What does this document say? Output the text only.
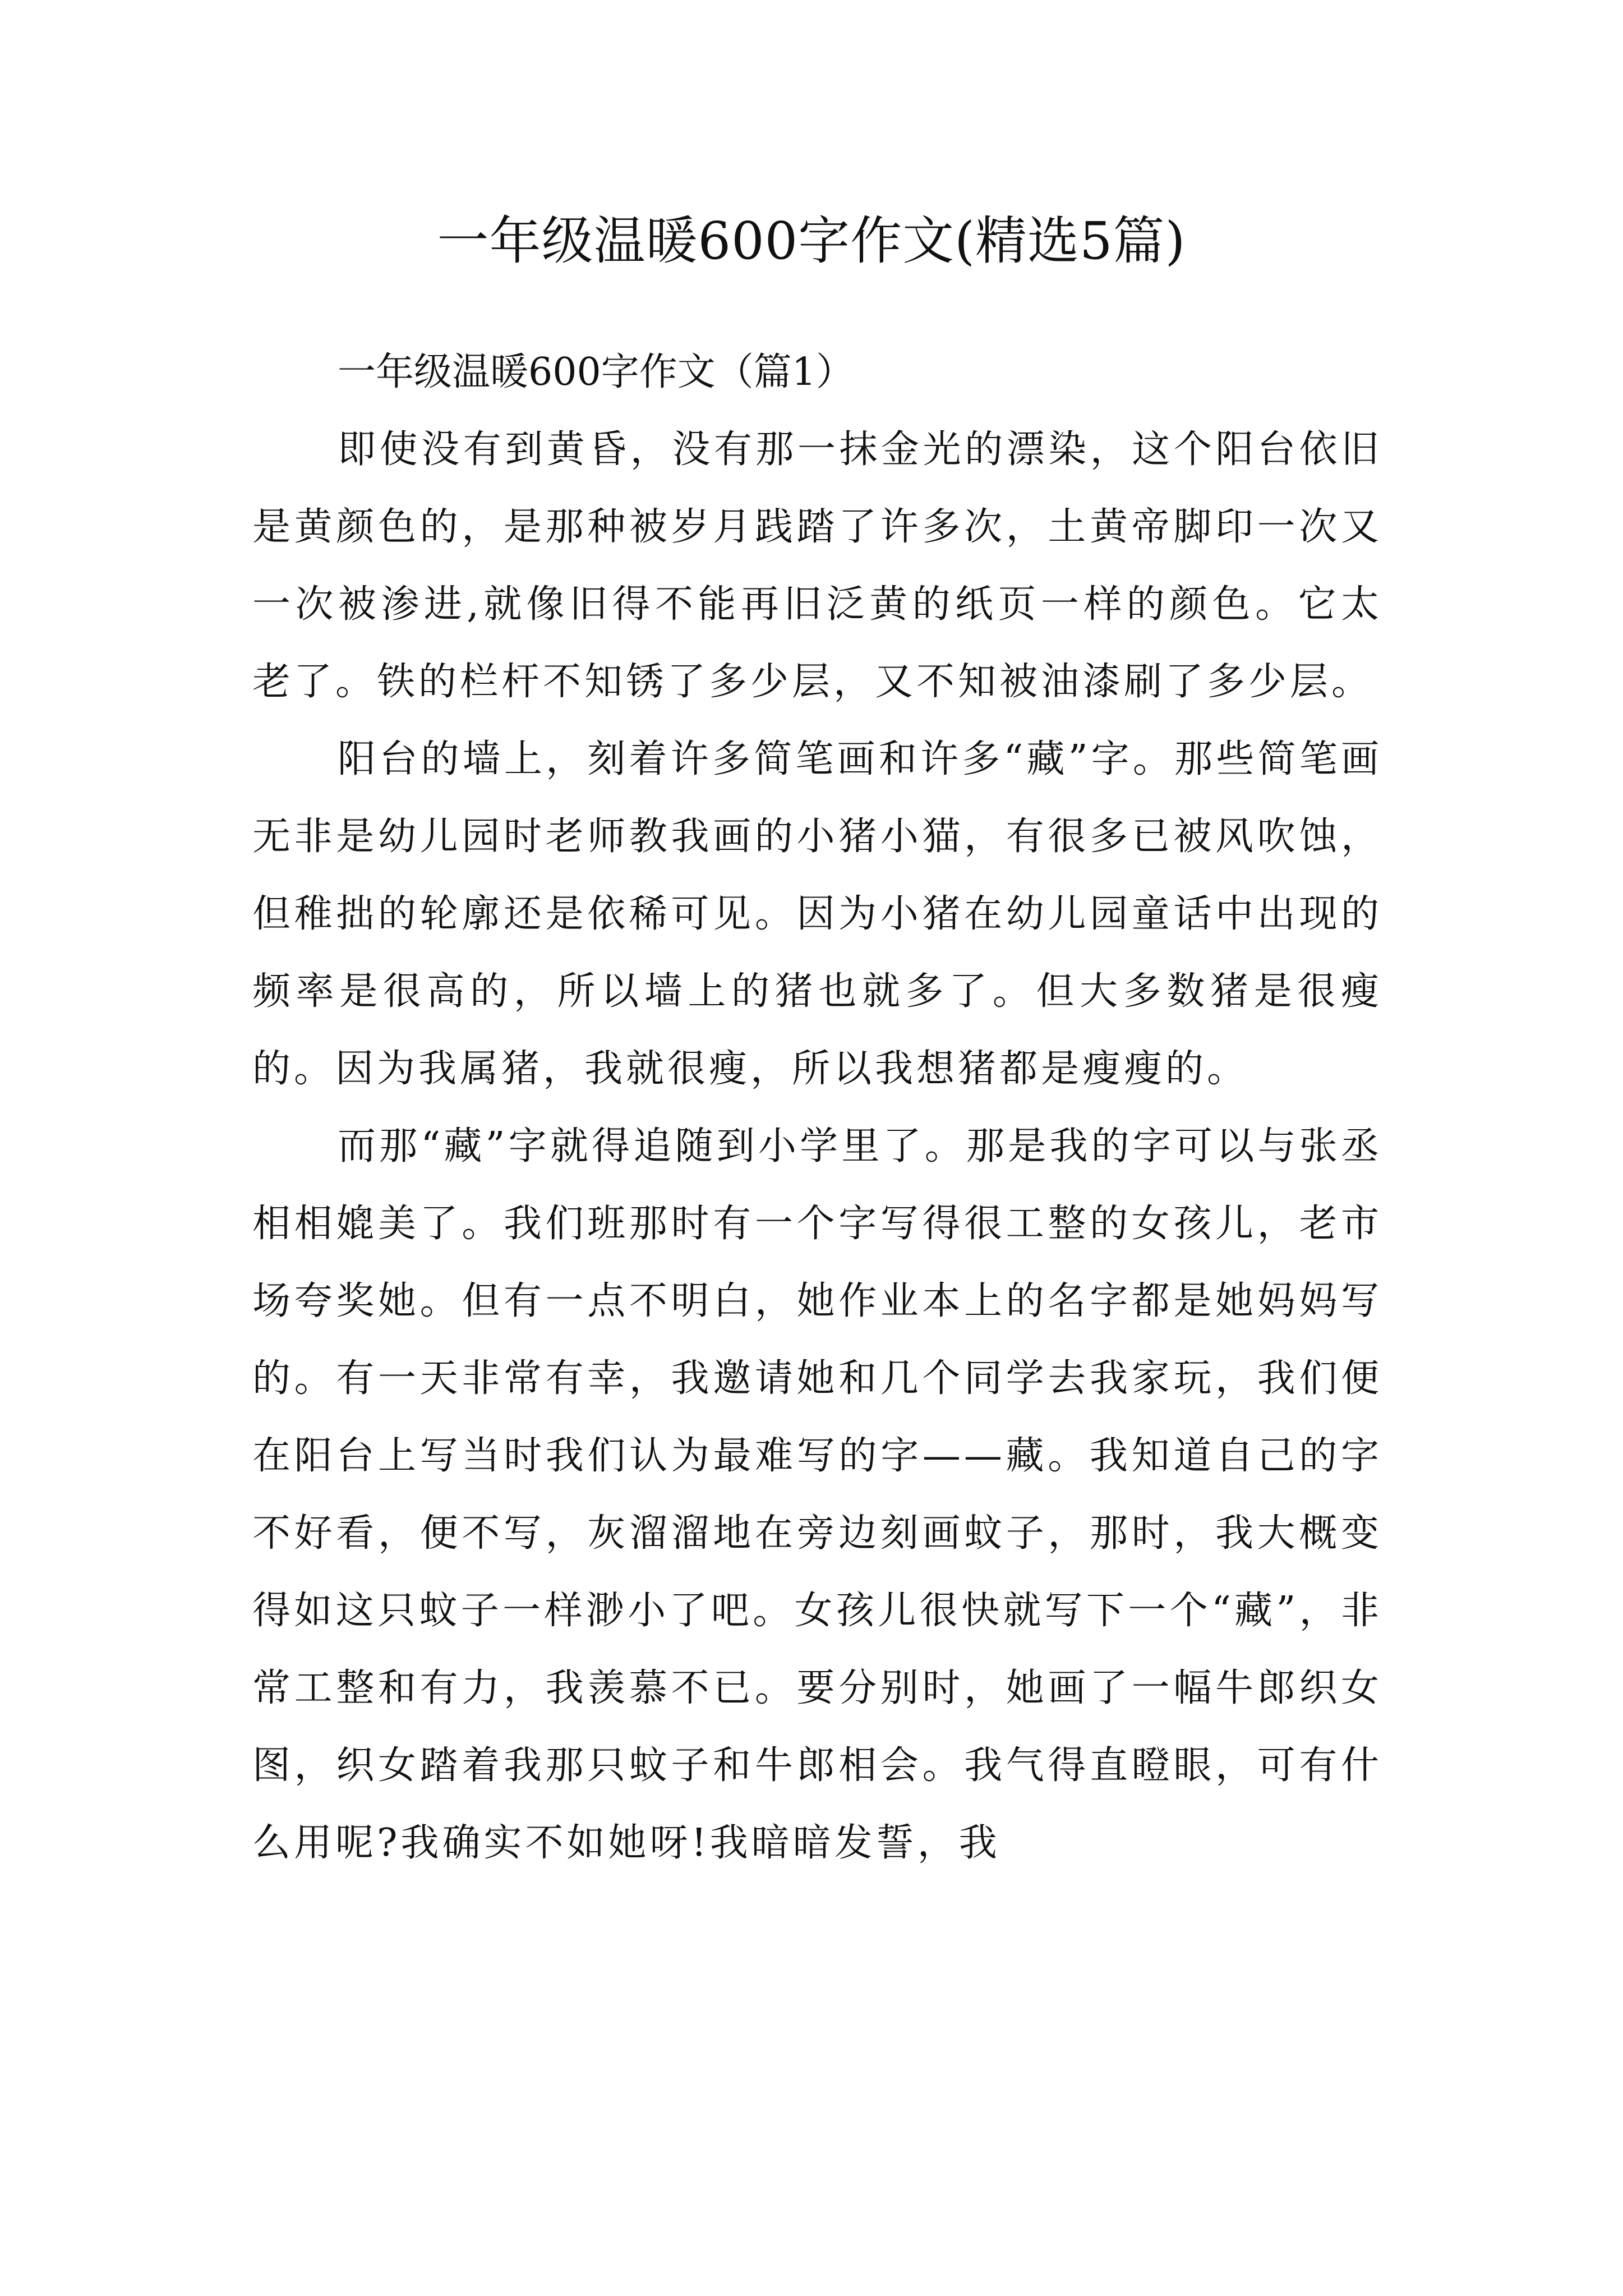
一年级温暖600字作文(精选5篇)
一年级温暖600字作文（篇1）

即使没有到黄昏，没有那一抹金光的漂染，这个阳台依旧是黄颜色的，是那种被岁月践踏了许多次，土黄帝脚印一次又一次被渗进,就像旧得不能再旧泛黄的纸页一样的颜色。它太老了。铁的栏杆不知锈了多少层，又不知被油漆刷了多少层。

阳台的墙上，刻着许多简笔画和许多“藏”字。那些简笔画无非是幼儿园时老师教我画的小猪小猫，有很多已被风吹蚀，但稚拙的轮廓还是依稀可见。因为小猪在幼儿园童话中出现的频率是很高的，所以墙上的猪也就多了。但大多数猪是很瘦的。因为我属猪，我就很瘦，所以我想猪都是瘦瘦的。

而那“藏”字就得追随到小学里了。那是我的字可以与张丞相相媲美了。我们班那时有一个字写得很工整的女孩儿，老市场夸奖她。但有一点不明白，她作业本上的名字都是她妈妈写的。有一天非常有幸，我邀请她和几个同学去我家玩，我们便在阳台上写当时我们认为最难写的字——藏。我知道自己的字不好看，便不写，灰溜溜地在旁边刻画蚊子，那时，我大概变得如这只蚊子一样渺小了吧。女孩儿很快就写下一个“藏”，非常工整和有力，我羡慕不已。要分别时，她画了一幅牛郎织女图，织女踏着我那只蚊子和牛郎相会。我气得直瞪眼，可有什么用呢?我确实不如她呀!我暗暗发誓，我
